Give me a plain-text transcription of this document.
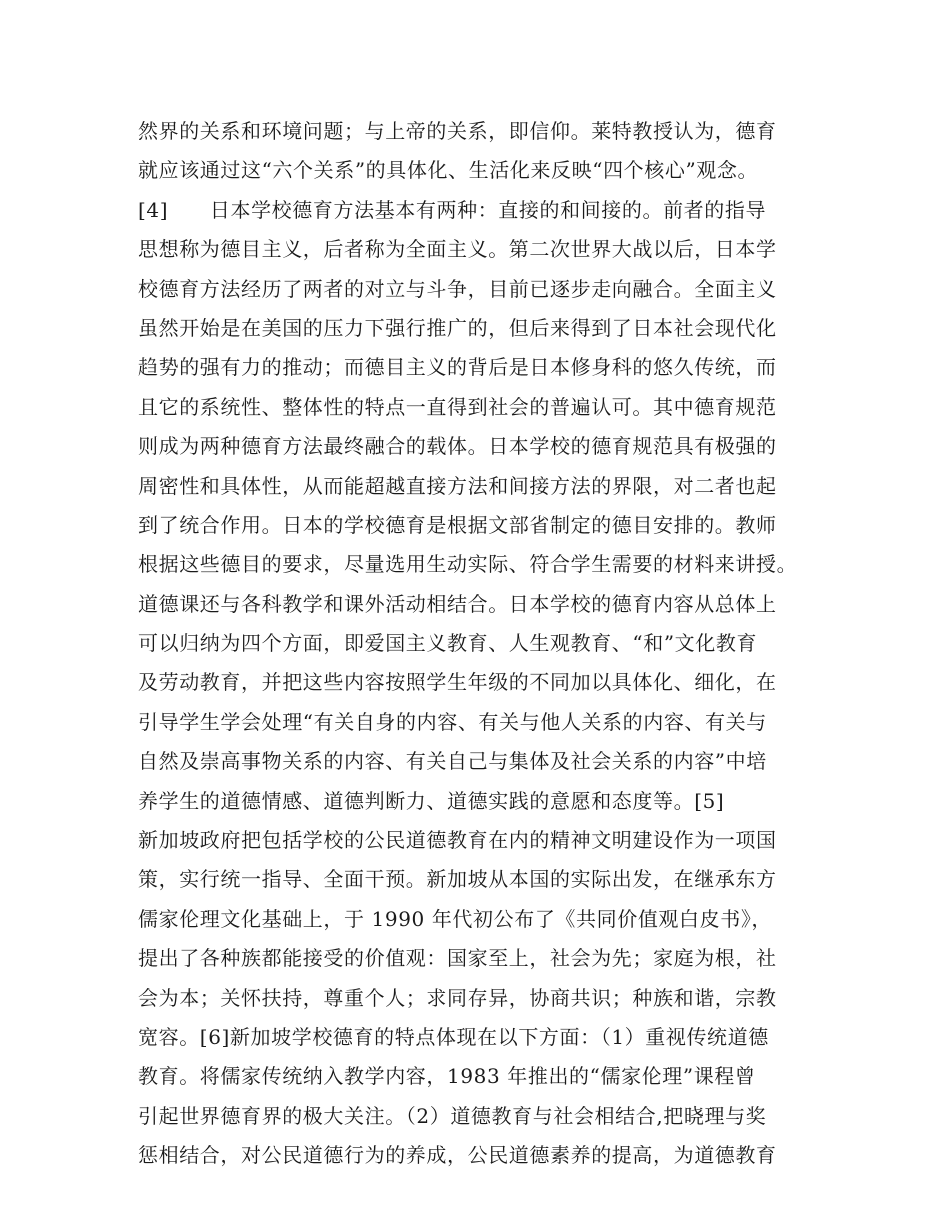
然界的关系和环境问题；与上帝的关系，即信仰。莱特教授认为，德育
就应该通过这“六个关系”的具体化、生活化来反映“四个核心”观念。
[4]      日本学校德育方法基本有两种：直接的和间接的。前者的指导
思想称为德目主义，后者称为全面主义。第二次世界大战以后，日本学
校德育方法经历了两者的对立与斗争，目前已逐步走向融合。全面主义
虽然开始是在美国的压力下强行推广的，但后来得到了日本社会现代化
趋势的强有力的推动；而德目主义的背后是日本修身科的悠久传统，而
且它的系统性、整体性的特点一直得到社会的普遍认可。其中德育规范
则成为两种德育方法最终融合的载体。日本学校的德育规范具有极强的
周密性和具体性，从而能超越直接方法和间接方法的界限，对二者也起
到了统合作用。日本的学校德育是根据文部省制定的德目安排的。教师
根据这些德目的要求，尽量选用生动实际、符合学生需要的材料来讲授。
道德课还与各科教学和课外活动相结合。日本学校的德育内容从总体上
可以归纳为四个方面，即爱国主义教育、人生观教育、“和”文化教育
及劳动教育，并把这些内容按照学生年级的不同加以具体化、细化，在
引导学生学会处理“有关自身的内容、有关与他人关系的内容、有关与
自然及崇高事物关系的内容、有关自己与集体及社会关系的内容”中培
养学生的道德情感、道德判断力、道德实践的意愿和态度等。[5]
新加坡政府把包括学校的公民道德教育在内的精神文明建设作为一项国
策，实行统一指导、全面干预。新加坡从本国的实际出发，在继承东方
儒家伦理文化基础上，于 1990 年代初公布了《共同价值观白皮书》，
提出了各种族都能接受的价值观：国家至上，社会为先；家庭为根，社
会为本；关怀扶持，尊重个人；求同存异，协商共识；种族和谐，宗教
宽容。[6]新加坡学校德育的特点体现在以下方面：（1）重视传统道德
教育。将儒家传统纳入教学内容，1983 年推出的“儒家伦理”课程曾
引起世界德育界的极大关注。（2）道德教育与社会相结合,把晓理与奖
惩相结合，对公民道德行为的养成，公民道德素养的提高，为道德教育
